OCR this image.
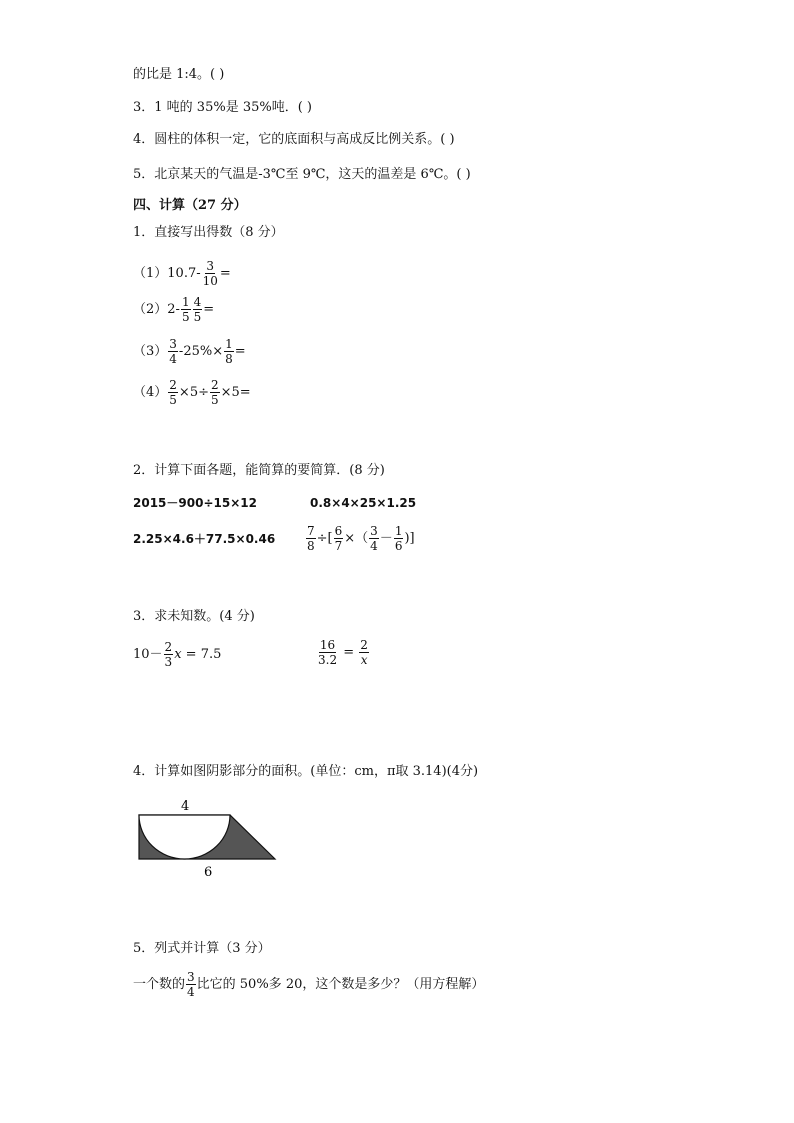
的比是 1:4。( )
3．1 吨的 35%是 35%吨．( )
4．圆柱的体积一定，它的底面积与高成反比例关系。( )
5．北京某天的气温是-3℃至 9℃，这天的温差是 6℃。( )
四、计算（27 分）
1．直接写出得数（8 分）
$(1)10.7- \frac{3}{10}$ =
$(2)2- \frac{1}{5} \frac{4}{5}$ =
$(3) \frac{3}{4} -25\%\times \frac{1}{8}$ =
$(4) \frac{2}{5} \times 5\div \frac{2}{5} \times 5=$
2．计算下面各题，能简算的要简算．(8 分)
2015－900÷15×12	0.8×4×25×1.25
2.25×4.6＋77.5×0.46	$\frac{7}{8}$ ÷[ $\frac{6}{7}$ ×（ $\frac{3}{4} - \frac{1}{6}$ )]
3．求未知数。(4 分)
$10- \frac{2}{3}$ x = 7.5	$\frac{16}{3.2} = \frac{2}{x}$
4．计算如图阴影部分的面积。(单位：cm，π取 3.14)(4分)
4
6
5．列式并计算（3 分）
一个数的 $\frac{3}{4}$ 比它的 50%多 20，这个数是多少？（用方程解）
